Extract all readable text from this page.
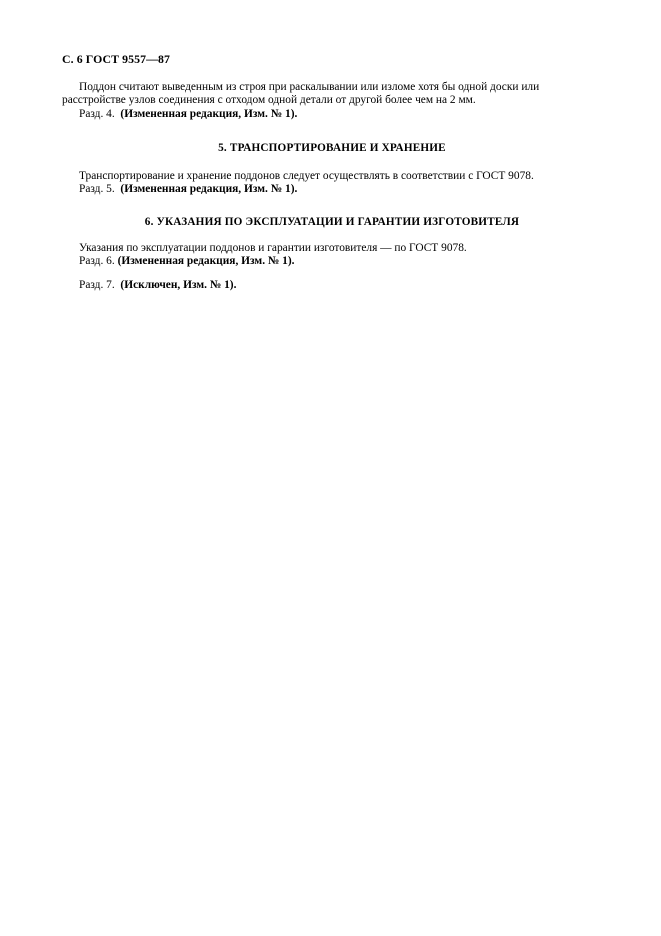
С. 6 ГОСТ 9557—87
Поддон считают выведенным из строя при раскалывании или изломе хотя бы одной доски или
расстройстве узлов соединения с отходом одной детали от другой более чем на 2 мм.
Разд. 4. (Измененная редакция, Изм. № 1).
5. ТРАНСПОРТИРОВАНИЕ И ХРАНЕНИЕ
Транспортирование и хранение поддонов следует осуществлять в соответствии с ГОСТ 9078.
Разд. 5. (Измененная редакция, Изм. № 1).
6. УКАЗАНИЯ ПО ЭКСПЛУАТАЦИИ И ГАРАНТИИ ИЗГОТОВИТЕЛЯ
Указания по эксплуатации поддонов и гарантии изготовителя — по ГОСТ 9078.
Разд. 6. (Измененная редакция, Изм. № 1).
Разд. 7. (Исключен, Изм. № 1).
